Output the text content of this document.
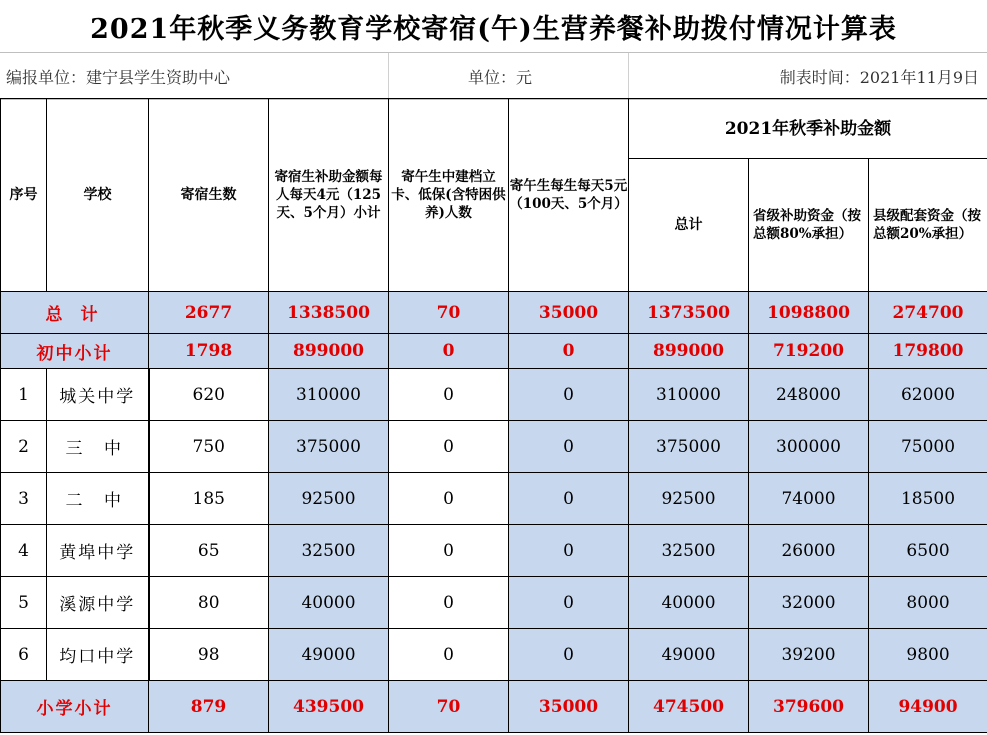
2021年秋季义务教育学校寄宿(午)生营养餐补助拨付情况计算表
编报单位：建宁县学生资助中心	单位：元	制表时间：2021年11月9日
序号	学校	寄宿生数	寄宿生补助金额每人每天4元（125天、5个月）小计	寄午生中建档立卡、低保(含特困供养)人数	寄午生每生每天5元（100天、5个月）	2021年秋季补助金额		
						总计	省级补助资金（按总额80%承担）	县级配套资金（按总额20%承担）
总 计		2677	1338500	70	35000	1373500	1098800	274700
初中小计		1798	899000	0	0	899000	719200	179800
1	城关中学	620	310000	0	0	310000	248000	62000
2	三 中	750	375000	0	0	375000	300000	75000
3	二 中	185	92500	0	0	92500	74000	18500
4	黄埠中学	65	32500	0	0	32500	26000	6500
5	溪源中学	80	40000	0	0	40000	32000	8000
6	均口中学	98	49000	0	0	49000	39200	9800
小学小计		879	439500	70	35000	474500	379600	94900
